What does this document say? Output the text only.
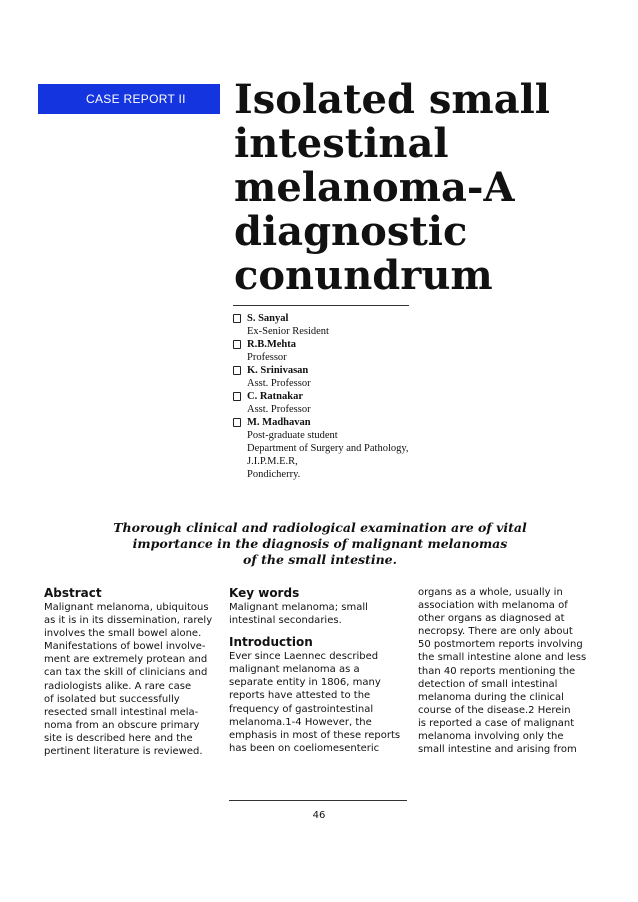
CASE REPORT II	Isolated small
intestinal
melanoma-A
diagnostic
conundrum
S. Sanyal
Ex-Senior Resident
R.B.Mehta
Professor
K. Srinivasan
Asst. Professor
C. Ratnakar
Asst. Professor
M. Madhavan
Post-graduate student
Department of Surgery and Pathology,
J.I.P.M.E.R,
Pondicherry.
Thorough clinical and radiological examination are of vital
importance in the diagnosis of malignant melanomas
of the small intestine.
Abstract

Malignant melanoma, ubiquitous
as it is in its dissemination, rarely
involves the small bowel alone.
Manifestations of bowel involve-
ment are extremely protean and
can tax the skill of clinicians and
radiologists alike. A rare case
of isolated but successfully
resected small intestinal mela-
noma from an obscure primary
site is described here and the
pertinent literature is reviewed.

Key words

Malignant melanoma; small
intestinal secondaries.

Introduction

Ever since Laennec described
malignant melanoma as a
separate entity in 1806, many
reports have attested to the
frequency of gastrointestinal
melanoma.1-4 However, the
emphasis in most of these reports
has been on coeliomesenteric

organs as a whole, usually in
association with melanoma of
other organs as diagnosed at
necropsy. There are only about
50 postmortem reports involving
the small intestine alone and less
than 40 reports mentioning the
detection of small intestinal
melanoma during the clinical
course of the disease.2 Herein
is reported a case of malignant
melanoma involving only the
small intestine and arising from

46
